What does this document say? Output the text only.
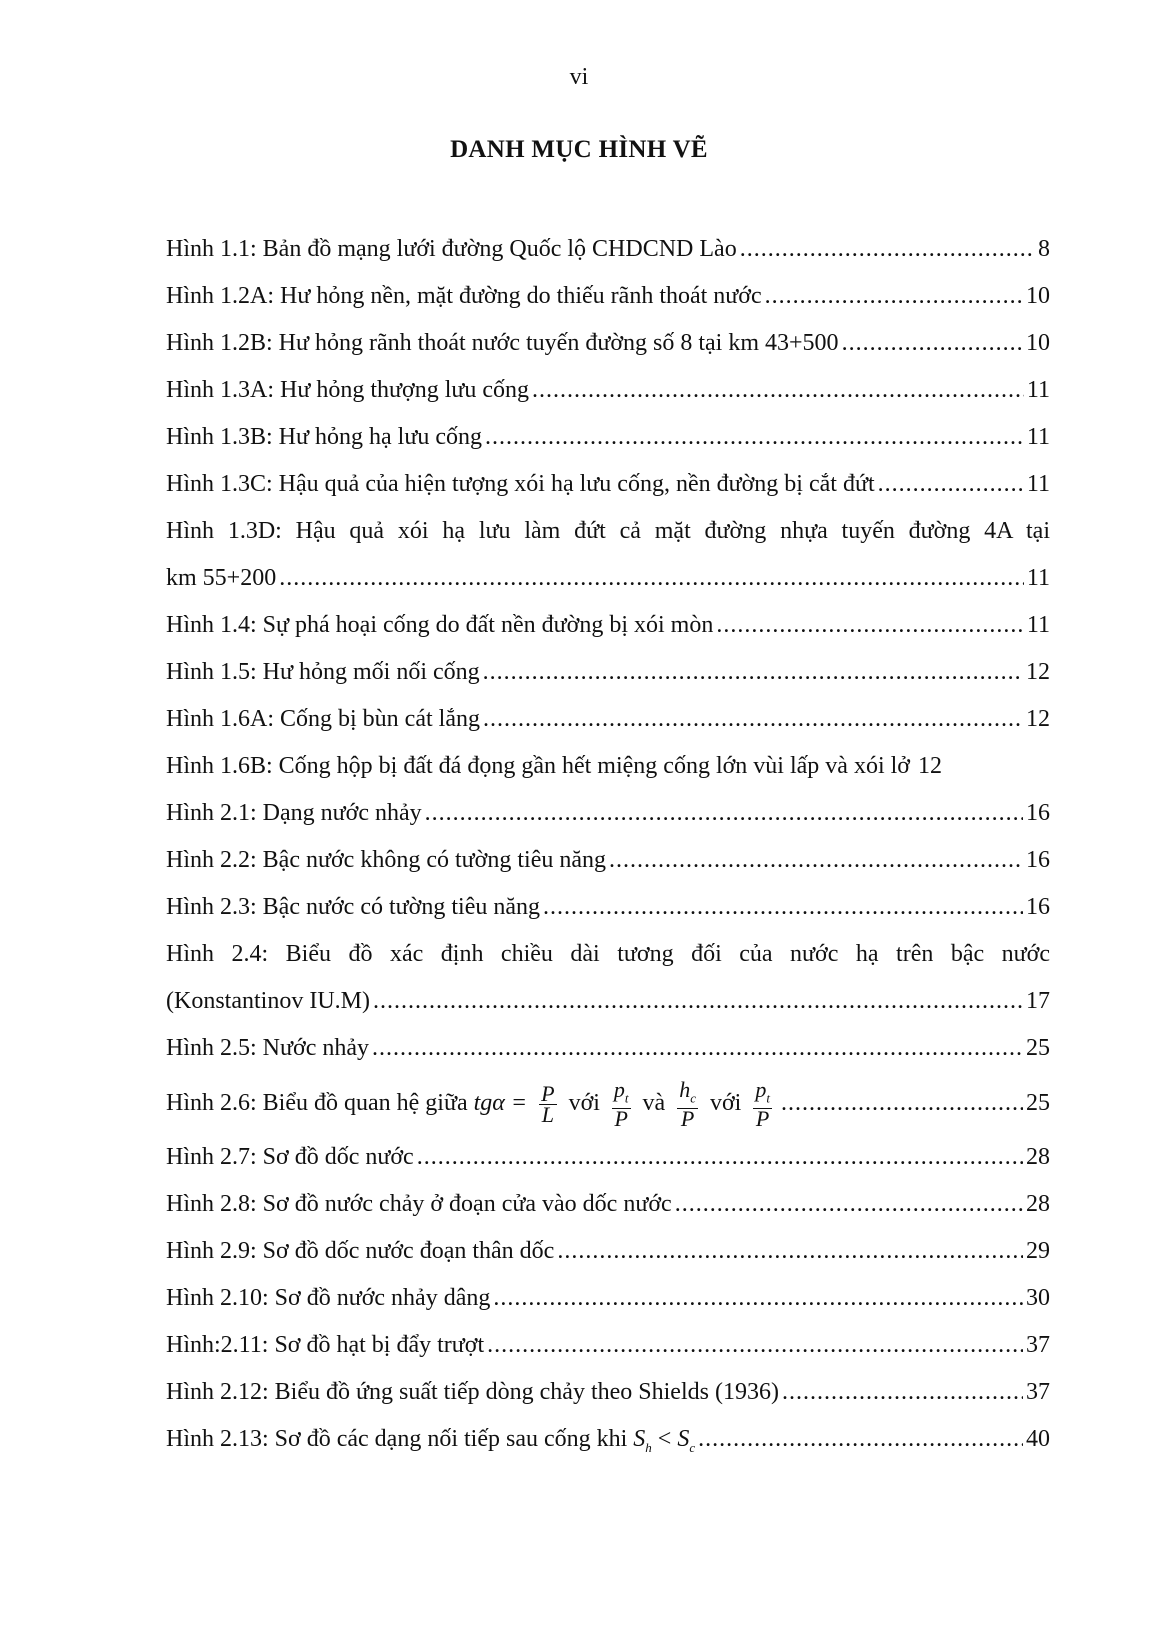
vi
DANH MỤC HÌNH VẼ
Hình 1.1: Bản đồ mạng lưới đường Quốc lộ CHDCND Lào .....	8
Hình 1.2A: Hư hỏng nền, mặt đường do thiếu rãnh thoát nước .....	10
Hình 1.2B: Hư hỏng rãnh thoát nước tuyến đường số 8 tại km 43+500 .....	10
Hình 1.3A: Hư hỏng thượng lưu cống .....	11
Hình 1.3B: Hư hỏng hạ lưu cống .....	11
Hình 1.3C: Hậu quả của hiện tượng xói hạ lưu cống, nền đường bị cắt đứt .....	11
Hình 1.3D: Hậu quả xói hạ lưu làm đứt cả mặt đường nhựa tuyến đường 4A tại
km 55+200 .....	11
Hình 1.4: Sự phá hoại cống do đất nền đường bị xói mòn .....	11
Hình 1.5: Hư hỏng mối nối cống .....	12
Hình 1.6A: Cống bị bùn cát lắng .....	12
Hình 1.6B: Cống hộp bị đất đá đọng gần hết miệng cống lớn vùi lấp và xói lở 12
Hình 2.1: Dạng nước nhảy .....	16
Hình 2.2: Bậc nước không có tường tiêu năng .....	16
Hình 2.3: Bậc nước có tường tiêu năng .....	16
Hình 2.4: Biểu đồ xác định chiều dài tương đối của nước hạ trên bậc nước
(Konstantinov IU.M) .....	17
Hình 2.5: Nước nhảy .....	25
Hình 2.6: Biểu đồ quan hệ giữa $tg\alpha = \frac{P}{L}$ với $\frac{p_t}{P}$ và $\frac{h_c}{P}$ với $\frac{p_t}{P}$ .....	25
Hình 2.7: Sơ đồ dốc nước .....	28
Hình 2.8: Sơ đồ nước chảy ở đoạn cửa vào dốc nước .....	28
Hình 2.9: Sơ đồ dốc nước đoạn thân dốc .....	29
Hình 2.10: Sơ đồ nước nhảy dâng .....	30
Hình:2.11: Sơ đồ hạt bị đẩy trượt .....	37
Hình 2.12: Biểu đồ ứng suất tiếp dòng chảy theo Shields (1936) .....	37
Hình 2.13: Sơ đồ các dạng nối tiếp sau cống khi $S_h < S_c$ .....	40
